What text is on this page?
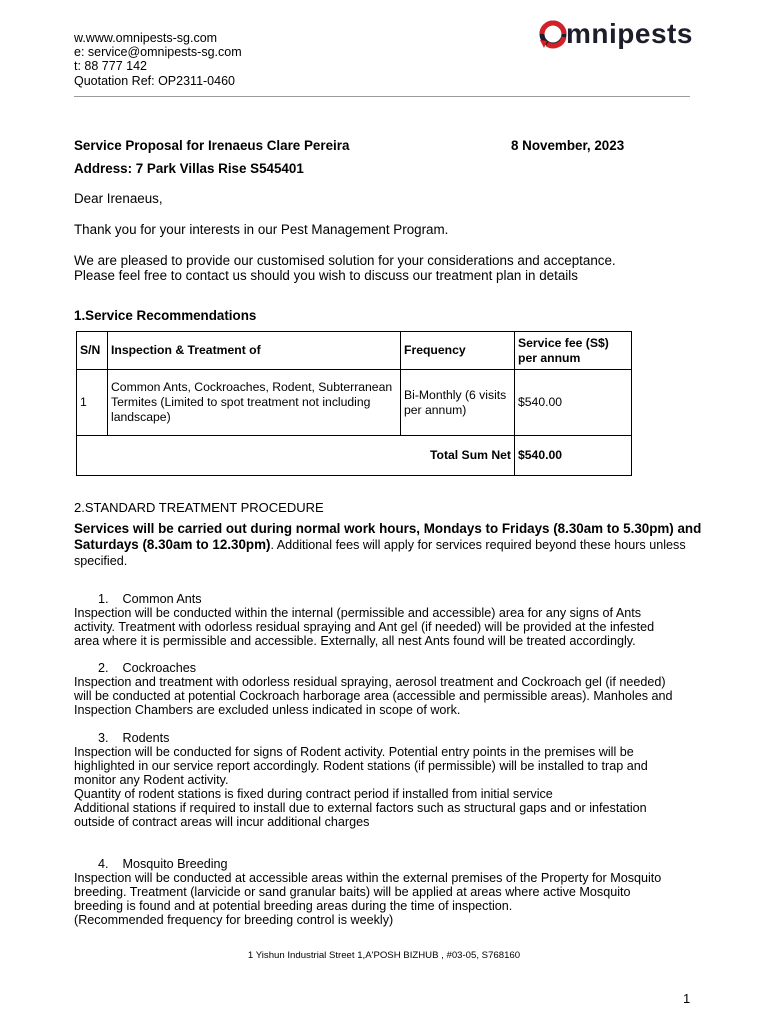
w.www.omnipests-sg.com
e: service@omnipests-sg.com
t: 88 777 142
Quotation Ref: OP2311-0460
mnipests
Service Proposal for Irenaeus Clare Pereira	8 November, 2023
Address: 7 Park Villas Rise S545401
Dear Irenaeus,
Thank you for your interests in our Pest Management Program.
We are pleased to provide our customised solution for your considerations and acceptance.
Please feel free to contact us should you wish to discuss our treatment plan in details
1.Service Recommendations
S/N	Inspection & Treatment of	Frequency	Service fee (S$) per annum
1	Common Ants, Cockroaches, Rodent, Subterranean Termites (Limited to spot treatment not including landscape)	Bi-Monthly (6 visits per annum)	$540.00
Total Sum Net			$540.00
2.STANDARD TREATMENT PROCEDURE
Services will be carried out during normal work hours, Mondays to Fridays (8.30am to 5.30pm) and Saturdays (8.30am to 12.30pm). Additional fees will apply for services required beyond these hours unless specified.
1. Common Ants
Inspection will be conducted within the internal (permissible and accessible) area for any signs of Ants
activity. Treatment with odorless residual spraying and Ant gel (if needed) will be provided at the infested
area where it is permissible and accessible. Externally, all nest Ants found will be treated accordingly.
2. Cockroaches
Inspection and treatment with odorless residual spraying, aerosol treatment and Cockroach gel (if needed)
will be conducted at potential Cockroach harborage area (accessible and permissible areas). Manholes and
Inspection Chambers are excluded unless indicated in scope of work.
3. Rodents
Inspection will be conducted for signs of Rodent activity. Potential entry points in the premises will be
highlighted in our service report accordingly. Rodent stations (if permissible) will be installed to trap and
monitor any Rodent activity.
Quantity of rodent stations is fixed during contract period if installed from initial service
Additional stations if required to install due to external factors such as structural gaps and or infestation
outside of contract areas will incur additional charges
4. Mosquito Breeding
Inspection will be conducted at accessible areas within the external premises of the Property for Mosquito
breeding. Treatment (larvicide or sand granular baits) will be applied at areas where active Mosquito
breeding is found and at potential breeding areas during the time of inspection.
(Recommended frequency for breeding control is weekly)
1 Yishun Industrial Street 1,A'POSH BIZHUB , #03-05, S768160
1
